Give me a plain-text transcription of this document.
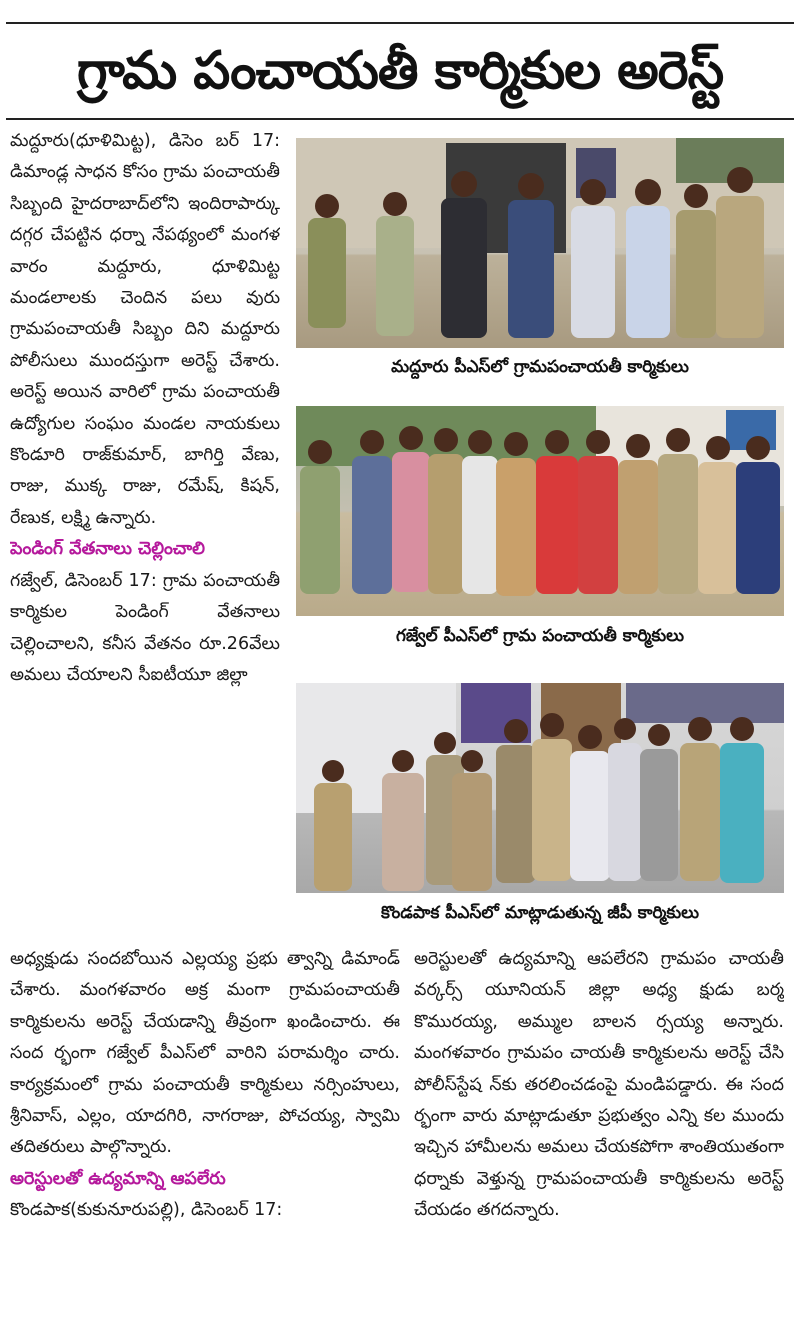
గ్రామ పంచాయతీ కార్మికుల అరెస్ట్

మద్దూరు(ధూళిమిట్ట), డిసెం బర్ 17: డిమాండ్ల సాధన కోసం గ్రామ పంచాయతీ సిబ్బంది హైదరాబాద్‌లోని ఇందిరాపార్కు దగ్గర చేపట్టిన ధర్నా నేపథ్యంలో మంగళ వారం మద్దూరు, ధూళిమిట్ట మండలాలకు చెందిన పలు వురు గ్రామపంచాయతీ సిబ్బం దిని మద్దూరు పోలీసులు ముందస్తుగా అరెస్ట్ చేశారు. అరెస్ట్ అయిన వారిలో గ్రామ పంచాయతీ ఉద్యోగుల సంఘం మండల నాయకులు కొండూరి రాజ్‌కుమార్, బాగిర్తి వేణు, రాజు, ముక్క రాజు, రమేష్, కిషన్, రేణుక, లక్ష్మి ఉన్నారు.

పెండింగ్ వేతనాలు చెల్లించాలి

గజ్వేల్, డిసెంబర్ 17: గ్రామ పంచాయతీ కార్మికుల పెండింగ్ వేతనాలు చెల్లించాలని, కనీస వేతనం రూ.26వేలు అమలు చేయాలని సీఐటీయూ జిల్లా

మద్దూరు పీఎస్‌లో గ్రామపంచాయతీ కార్మికులు
గజ్వేల్ పీఎస్‌లో గ్రామ పంచాయతీ కార్మికులు
కొండపాక పీఎస్‌లో మాట్లాడుతున్న జీపీ కార్మికులు

అధ్యక్షుడు సందబోయిన ఎల్లయ్య ప్రభు త్వాన్ని డిమాండ్ చేశారు. మంగళవారం అక్ర మంగా గ్రామపంచాయతీ కార్మికులను అరెస్ట్ చేయడాన్ని తీవ్రంగా ఖండించారు. ఈ సంద ర్భంగా గజ్వేల్ పీఎస్‌లో వారిని పరామర్శిం చారు. కార్యక్రమంలో గ్రామ పంచాయతీ కార్మికులు నర్సింహులు, శ్రీనివాస్, ఎల్లం, యాదగిరి, నాగరాజు, పోచయ్య, స్వామి తదితరులు పాల్గొన్నారు.

అరెస్టులతో ఉద్యమాన్ని ఆపలేరు

కొండపాక(కుకునూరుపల్లి), డిసెంబర్ 17:

అరెస్టులతో ఉద్యమాన్ని ఆపలేరని గ్రామపం చాయతీ వర్కర్స్ యూనియన్ జిల్లా అధ్య క్షుడు బర్మ కొమురయ్య, అమ్ముల బాలన ర్సయ్య అన్నారు. మంగళవారం గ్రామపం చాయతీ కార్మికులను అరెస్ట్ చేసి పోలీస్‌స్టేష న్‌కు తరలించడంపై మండిపడ్డారు. ఈ సంద ర్భంగా వారు మాట్లాడుతూ ప్రభుత్వం ఎన్ని కల ముందు ఇచ్చిన హామీలను అమలు చేయకపోగా శాంతియుతంగా ధర్నాకు వెళ్తున్న గ్రామపంచాయతీ కార్మికులను అరెస్ట్ చేయడం తగదన్నారు.
